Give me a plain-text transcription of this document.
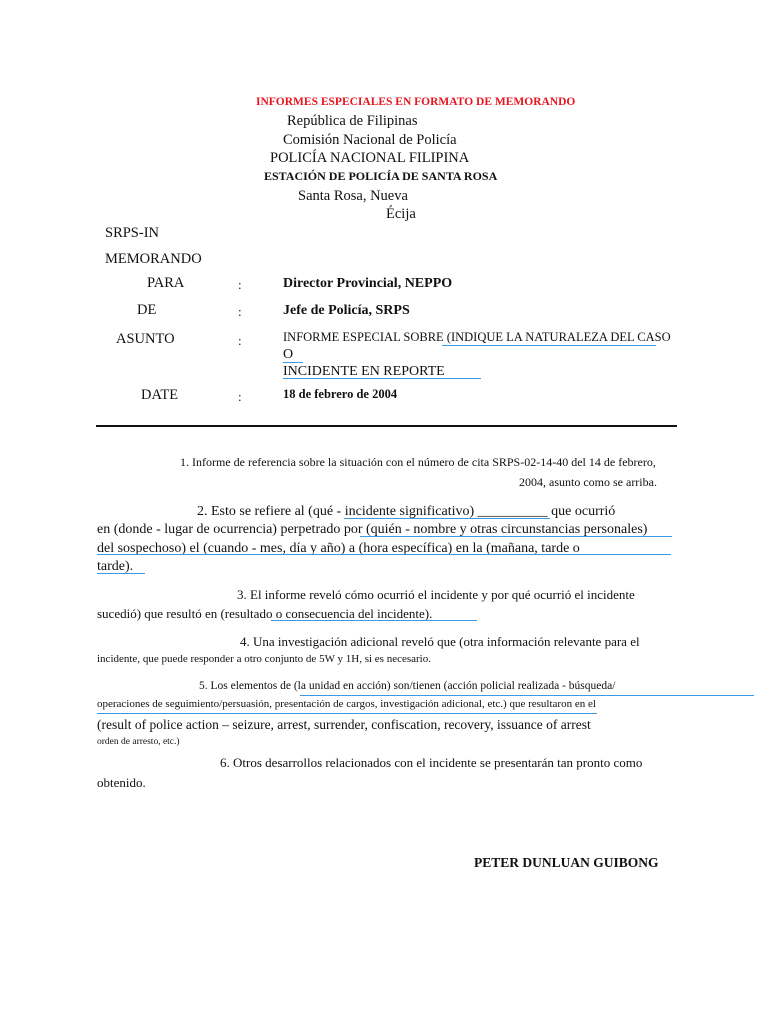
INFORMES ESPECIALES EN FORMATO DE MEMORANDO
República de Filipinas
Comisión Nacional de Policía
POLICÍA NACIONAL FILIPINA
ESTACIÓN DE POLICÍA DE SANTA ROSA
Santa Rosa, Nueva
Écija
SRPS-IN
MEMORANDO
PARA	:	Director Provincial, NEPPO
DE	:	Jefe de Policía, SRPS
ASUNTO	:	INFORME ESPECIAL SOBRE (INDIQUE LA NATURALEZA DEL CASO
O
INCIDENTE EN REPORTE
DATE	:	18 de febrero de 2004
1. Informe de referencia sobre la situación con el número de cita SRPS-02-14-40 del 14 de febrero,
2004, asunto como se arriba.
2. Esto se refiere al (qué - incidente significativo) __________ que ocurrió
en (donde - lugar de ocurrencia) perpetrado por (quién - nombre y otras circunstancias personales)
del sospechoso) el (cuando - mes, día y año) a (hora específica) en la (mañana, tarde o
tarde).
3. El informe reveló cómo ocurrió el incidente y por qué ocurrió el incidente
sucedió) que resultó en (resultado o consecuencia del incidente).
4. Una investigación adicional reveló que (otra información relevante para el
incidente, que puede responder a otro conjunto de 5W y 1H, si es necesario.
5. Los elementos de (la unidad en acción) son/tienen (acción policial realizada - búsqueda/
operaciones de seguimiento/persuasión, presentación de cargos, investigación adicional, etc.) que resultaron en el
(result of police action – seizure, arrest, surrender, confiscation, recovery, issuance of arrest
orden de arresto, etc.)
6. Otros desarrollos relacionados con el incidente se presentarán tan pronto como
obtenido.
PETER DUNLUAN GUIBONG
